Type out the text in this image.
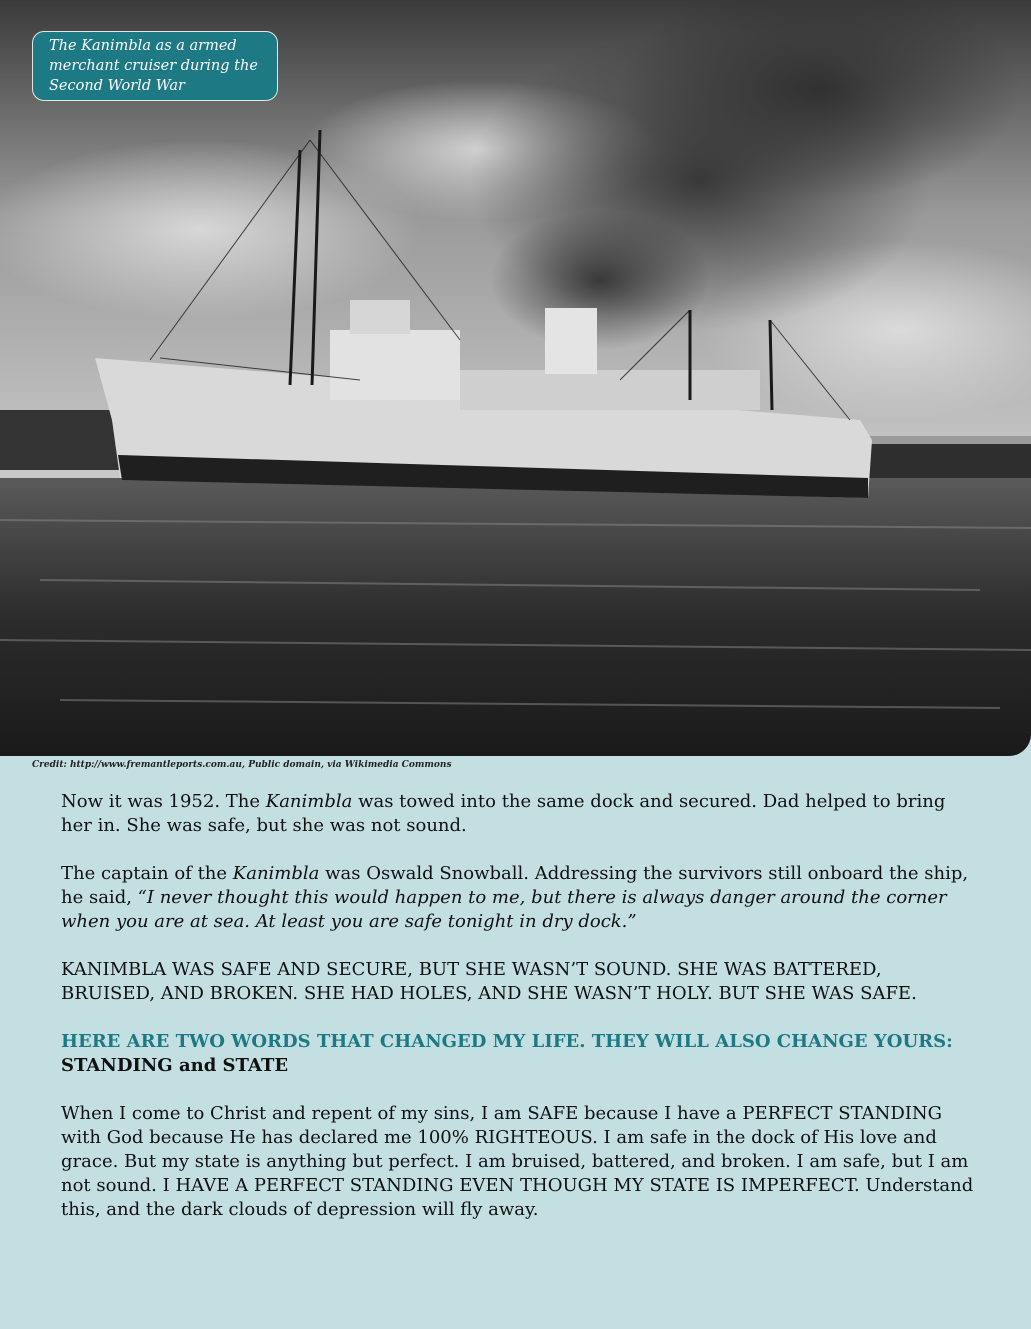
The Kanimbla as a armed merchant cruiser during the Second World War
Credit: http://www.fremantleports.com.au, Public domain, via Wikimedia Commons

Now it was 1952. The Kanimbla was towed into the same dock and secured. Dad helped to bring her in. She was safe, but she was not sound.

The captain of the Kanimbla was Oswald Snowball. Addressing the survivors still onboard the ship, he said, “I never thought this would happen to me, but there is always danger around the corner when you are at sea. At least you are safe tonight in dry dock.”

KANIMBLA WAS SAFE AND SECURE, BUT SHE WASN’T SOUND. SHE WAS BATTERED, BRUISED, AND BROKEN. SHE HAD HOLES, AND SHE WASN’T HOLY. BUT SHE WAS SAFE.

HERE ARE TWO WORDS THAT CHANGED MY LIFE. THEY WILL ALSO CHANGE YOURS: STANDING and STATE

When I come to Christ and repent of my sins, I am SAFE because I have a PERFECT STANDING with God because He has declared me 100% RIGHTEOUS. I am safe in the dock of His love and grace. But my state is anything but perfect. I am bruised, battered, and broken. I am safe, but I am not sound. I HAVE A PERFECT STANDING EVEN THOUGH MY STATE IS IMPERFECT. Understand this, and the dark clouds of depression will fly away.
